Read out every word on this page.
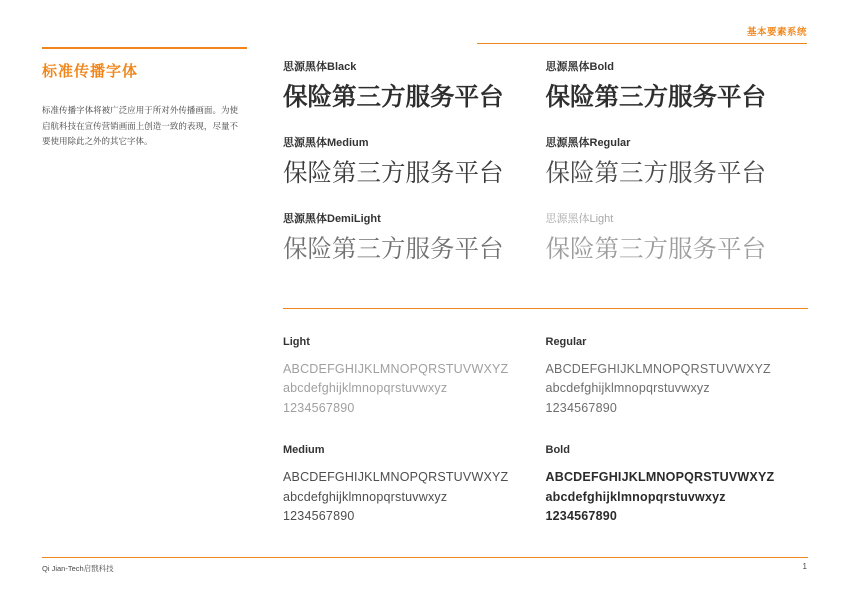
基本要素系统
标准传播字体
标准传播字体将被广泛应用于所对外传播画面。为使启航科技在宣传营销画面上创造一致的表现，尽量不要使用除此之外的其它字体。
思源黑体Black
保险第三方服务平台
思源黑体Bold
保险第三方服务平台
思源黑体Medium
保险第三方服务平台
思源黑体Regular
保险第三方服务平台
思源黑体DemiLight
保险第三方服务平台
思源黑体Light
保险第三方服务平台
Light
ABCDEFGHIJKLMNOPQRSTUVWXYZ
abcdefghijklmnopqrstuvwxyz
1234567890
Regular
ABCDEFGHIJKLMNOPQRSTUVWXYZ
abcdefghijklmnopqrstuvwxyz
1234567890
Medium
ABCDEFGHIJKLMNOPQRSTUVWXYZ
abcdefghijklmnopqrstuvwxyz
1234567890
Bold
ABCDEFGHIJKLMNOPQRSTUVWXYZ
abcdefghijklmnopqrstuvwxyz
1234567890
Qi Jian-Tech启戬科技	1
